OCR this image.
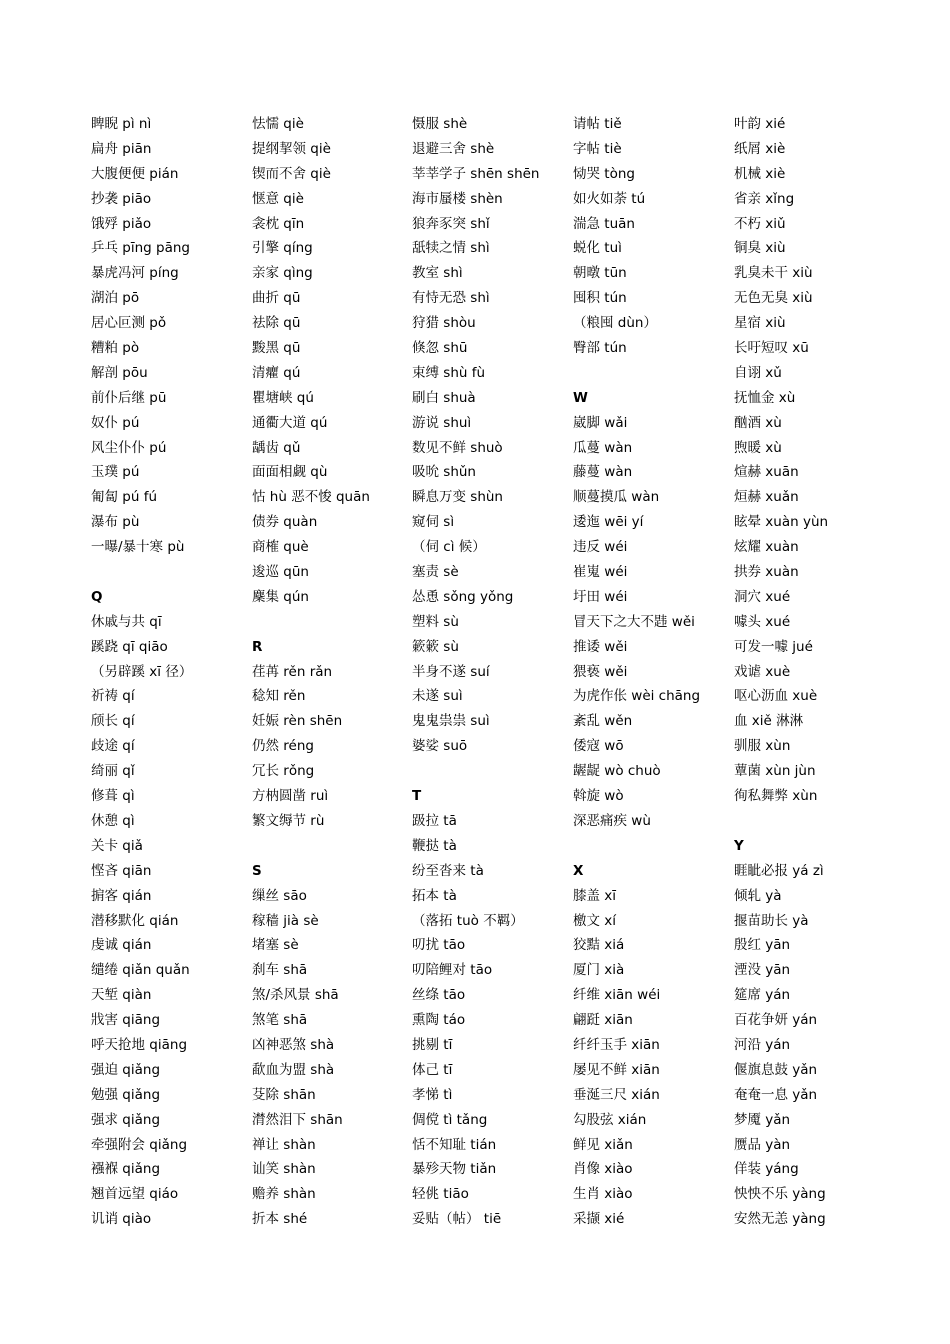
睥睨 pì nì
扁舟 piān
大腹便便 pián
抄袭 piāo
饿殍 piǎo
乒乓 pīng pāng
暴虎冯河 píng
湖泊 pō
居心叵测 pǒ
糟粕 pò
解剖 pōu
前仆后继 pū
奴仆 pú
风尘仆仆 pú
玉璞 pú
匍匐 pú fú
瀑布 pù
一曝/暴十寒 pù
Q
休戚与共 qī
蹊跷 qī qiāo
（另辟蹊 xī 径）
祈祷 qí
颀长 qí
歧途 qí
绮丽 qǐ
修葺 qì
休憩 qì
关卡 qiǎ
悭吝 qiān
掮客 qián
潜移默化 qián
虔诚 qián
缱绻 qiǎn quǎn
天堑 qiàn
戕害 qiāng
呼天抢地 qiāng
强迫 qiǎng
勉强 qiǎng
强求 qiǎng
牵强附会 qiǎng
襁褓 qiǎng
翘首远望 qiáo
讥诮 qiào
怯懦 qiè
提纲挈领 qiè
锲而不舍 qiè
惬意 qiè
衾枕 qīn
引擎 qíng
亲家 qìng
曲折 qū
祛除 qū
黢黑 qū
清癯 qú
瞿塘峡 qú
通衢大道 qú
龋齿 qǔ
面面相觑 qù
怙 hù 恶不悛 quān
债券 quàn
商榷 què
逡巡 qūn
麇集 qún
R
荏苒 rěn rǎn
稔知 rěn
妊娠 rèn shēn
仍然 réng
冗长 rǒng
方枘圆凿 ruì
繁文缛节 rù
S
缫丝 sāo
稼穑 jià sè
堵塞 sè
刹车 shā
煞/杀风景 shā
煞笔 shā
凶神恶煞 shà
歃血为盟 shà
芟除 shān
潸然泪下 shān
禅让 shàn
讪笑 shàn
赡养 shàn
折本 shé
慑服 shè
退避三舍 shè
莘莘学子 shēn shēn
海市蜃楼 shèn
狼奔豕突 shǐ
舐犊之情 shì
教室 shì
有恃无恐 shì
狩猎 shòu
倏忽 shū
束缚 shù fù
刷白 shuà
游说 shuì
数见不鲜 shuò
吸吮 shǔn
瞬息万变 shùn
窥伺 sì
（伺 cì 候）
塞责 sè
怂恿 sǒng yǒng
塑料 sù
簌簌 sù
半身不遂 suí
未遂 suì
鬼鬼祟祟 suì
婆娑 suō
T
趿拉 tā
鞭挞 tà
纷至沓来 tà
拓本 tà
（落拓 tuò 不羁）
叨扰 tāo
叨陪鲤对 tāo
丝绦 tāo
熏陶 táo
挑剔 tī
体己 tī
孝悌 tì
倜傥 tì tǎng
恬不知耻 tián
暴殄天物 tiǎn
轻佻 tiāo
妥贴（帖） tiē
请帖 tiě
字帖 tiè
恸哭 tòng
如火如荼 tú
湍急 tuān
蜕化 tuì
朝暾 tūn
囤积 tún
（粮囤 dùn）
臀部 tún
W
崴脚 wǎi
瓜蔓 wàn
藤蔓 wàn
顺蔓摸瓜 wàn
逶迤 wēi yí
违反 wéi
崔嵬 wéi
圩田 wéi
冒天下之大不韪 wěi
推诿 wěi
猥亵 wěi
为虎作伥 wèi chāng
紊乱 wěn
倭寇 wō
龌龊 wò chuò
斡旋 wò
深恶痛疾 wù
X
膝盖 xī
檄文 xí
狡黠 xiá
厦门 xià
纤维 xiān wéi
翩跹 xiān
纤纤玉手 xiān
屡见不鲜 xiān
垂涎三尺 xián
勾股弦 xián
鲜见 xiǎn
肖像 xiào
生肖 xiào
采撷 xié
叶韵 xié
纸屑 xiè
机械 xiè
省亲 xǐng
不朽 xiǔ
铜臭 xiù
乳臭未干 xiù
无色无臭 xiù
星宿 xiù
长吁短叹 xū
自诩 xǔ
抚恤金 xù
酗酒 xù
煦暖 xù
煊赫 xuān
烜赫 xuǎn
眩晕 xuàn yùn
炫耀 xuàn
拱券 xuàn
洞穴 xué
噱头 xué
可发一噱 jué
戏谑 xuè
呕心沥血 xuè
血 xiě 淋淋
驯服 xùn
蕈菌 xùn jùn
徇私舞弊 xùn
Y
睚眦必报 yá zì
倾轧 yà
揠苗助长 yà
殷红 yān
湮没 yān
筵席 yán
百花争妍 yán
河沿 yán
偃旗息鼓 yǎn
奄奄一息 yǎn
梦魇 yǎn
赝品 yàn
佯装 yáng
怏怏不乐 yàng
安然无恙 yàng
